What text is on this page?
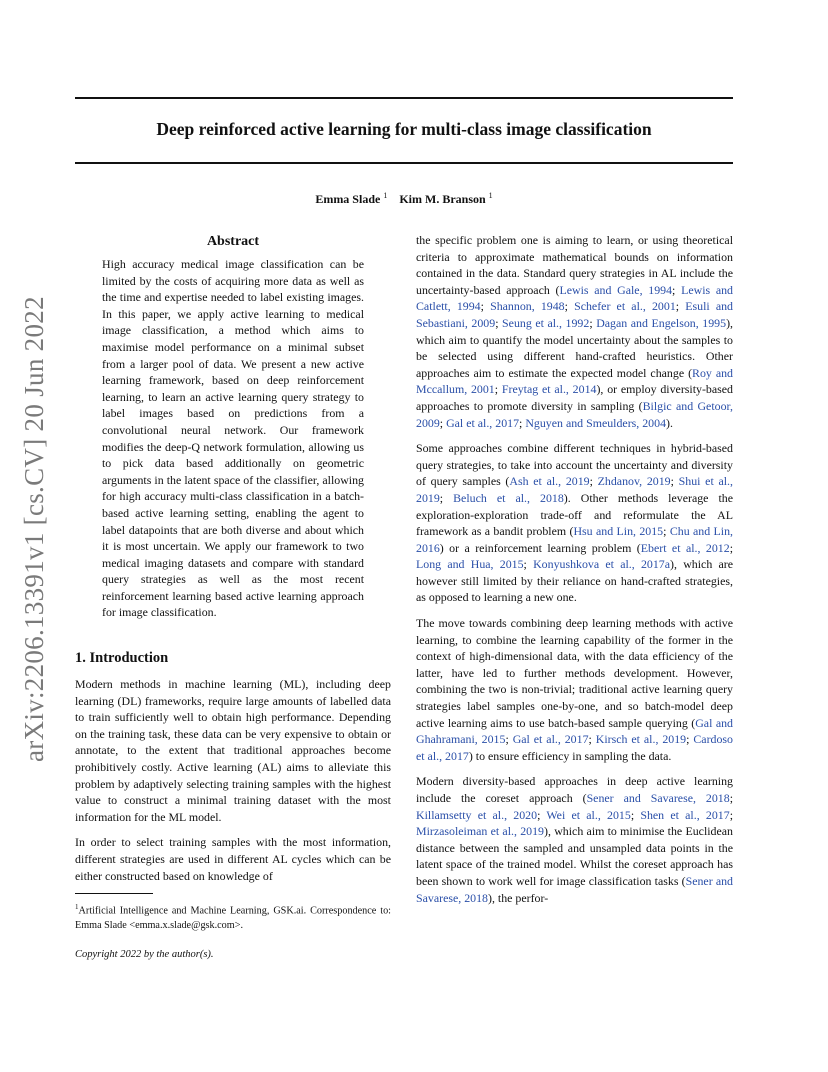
Deep reinforced active learning for multi-class image classification
Emma Slade $^1$ Kim M. Branson $^1$
arXiv:2206.13391v1 [cs.CV] 20 Jun 2022
Abstract
High accuracy medical image classification can be limited by the costs of acquiring more data as well as the time and expertise needed to label existing images. In this paper, we apply active learning to medical image classification, a method which aims to maximise model performance on a minimal subset from a larger pool of data. We present a new active learning framework, based on deep reinforcement learning, to learn an active learning query strategy to label images based on predictions from a convolutional neural network. Our framework modifies the deep-Q network formulation, allowing us to pick data based additionally on geometric arguments in the latent space of the classifier, allowing for high accuracy multi-class classification in a batch-based active learning setting, enabling the agent to label datapoints that are both diverse and about which it is most uncertain. We apply our framework to two medical imaging datasets and compare with standard query strategies as well as the most recent reinforcement learning based active learning approach for image classification.
1. Introduction

Modern methods in machine learning (ML), including deep learning (DL) frameworks, require large amounts of labelled data to train sufficiently well to obtain high performance. Depending on the training task, these data can be very expensive to obtain or annotate, to the extent that traditional approaches become prohibitively costly. Active learning (AL) aims to alleviate this problem by adaptively selecting training samples with the highest value to construct a minimal training dataset with the most information for the ML model.

In order to select training samples with the most information, different strategies are used in different AL cycles which can be either constructed based on knowledge of

$^1$Artificial Intelligence and Machine Learning, GSK.ai. Correspondence to: Emma Slade <emma.x.slade@gsk.com>.
Copyright 2022 by the author(s).

the specific problem one is aiming to learn, or using theoretical criteria to approximate mathematical bounds on information contained in the data. Standard query strategies in AL include the uncertainty-based approach (Lewis and Gale, 1994; Lewis and Catlett, 1994; Shannon, 1948; Schefer et al., 2001; Esuli and Sebastiani, 2009; Seung et al., 1992; Dagan and Engelson, 1995), which aim to quantify the model uncertainty about the samples to be selected using different hand-crafted heuristics. Other approaches aim to estimate the expected model change (Roy and Mccallum, 2001; Freytag et al., 2014), or employ diversity-based approaches to promote diversity in sampling (Bilgic and Getoor, 2009; Gal et al., 2017; Nguyen and Smeulders, 2004).

Some approaches combine different techniques in hybrid-based query strategies, to take into account the uncertainty and diversity of query samples (Ash et al., 2019; Zhdanov, 2019; Shui et al., 2019; Beluch et al., 2018). Other methods leverage the exploration-exploration trade-off and reformulate the AL framework as a bandit problem (Hsu and Lin, 2015; Chu and Lin, 2016) or a reinforcement learning problem (Ebert et al., 2012; Long and Hua, 2015; Konyushkova et al., 2017a), which are however still limited by their reliance on hand-crafted strategies, as opposed to learning a new one.

The move towards combining deep learning methods with active learning, to combine the learning capability of the former in the context of high-dimensional data, with the data efficiency of the latter, have led to further methods development. However, combining the two is non-trivial; traditional active learning query strategies label samples one-by-one, and so batch-model deep active learning aims to use batch-based sample querying (Gal and Ghahramani, 2015; Gal et al., 2017; Kirsch et al., 2019; Cardoso et al., 2017) to ensure efficiency in sampling the data.

Modern diversity-based approaches in deep active learning include the coreset approach (Sener and Savarese, 2018; Killamsetty et al., 2020; Wei et al., 2015; Shen et al., 2017; Mirzasoleiman et al., 2019), which aim to minimise the Euclidean distance between the sampled and unsampled data points in the latent space of the trained model. Whilst the coreset approach has been shown to work well for image classification tasks (Sener and Savarese, 2018), the perfor-
